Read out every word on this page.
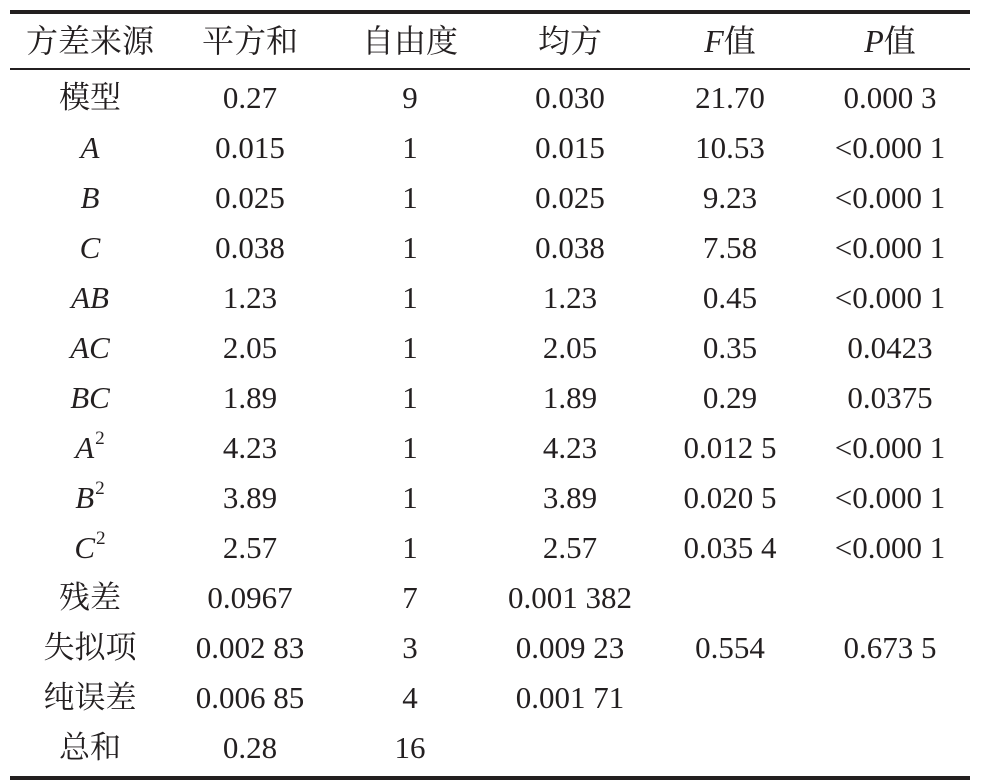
方差来源	平方和	自由度	均方	F值	P值
模型	0.27	9	0.030	21.70	0.000 3
A	0.015	1	0.015	10.53	<0.000 1
B	0.025	1	0.025	9.23	<0.000 1
C	0.038	1	0.038	7.58	<0.000 1
AB	1.23	1	1.23	0.45	<0.000 1
AC	2.05	1	2.05	0.35	0.0423
BC	1.89	1	1.89	0.29	0.0375
$A^2$	4.23	1	4.23	0.012 5	<0.000 1
$B^2$	3.89	1	3.89	0.020 5	<0.000 1
$C^2$	2.57	1	2.57	0.035 4	<0.000 1
残差	0.0967	7	0.001 382		
失拟项	0.002 83	3	0.009 23	0.554	0.673 5
纯误差	0.006 85	4	0.001 71		
总和	0.28	16			
